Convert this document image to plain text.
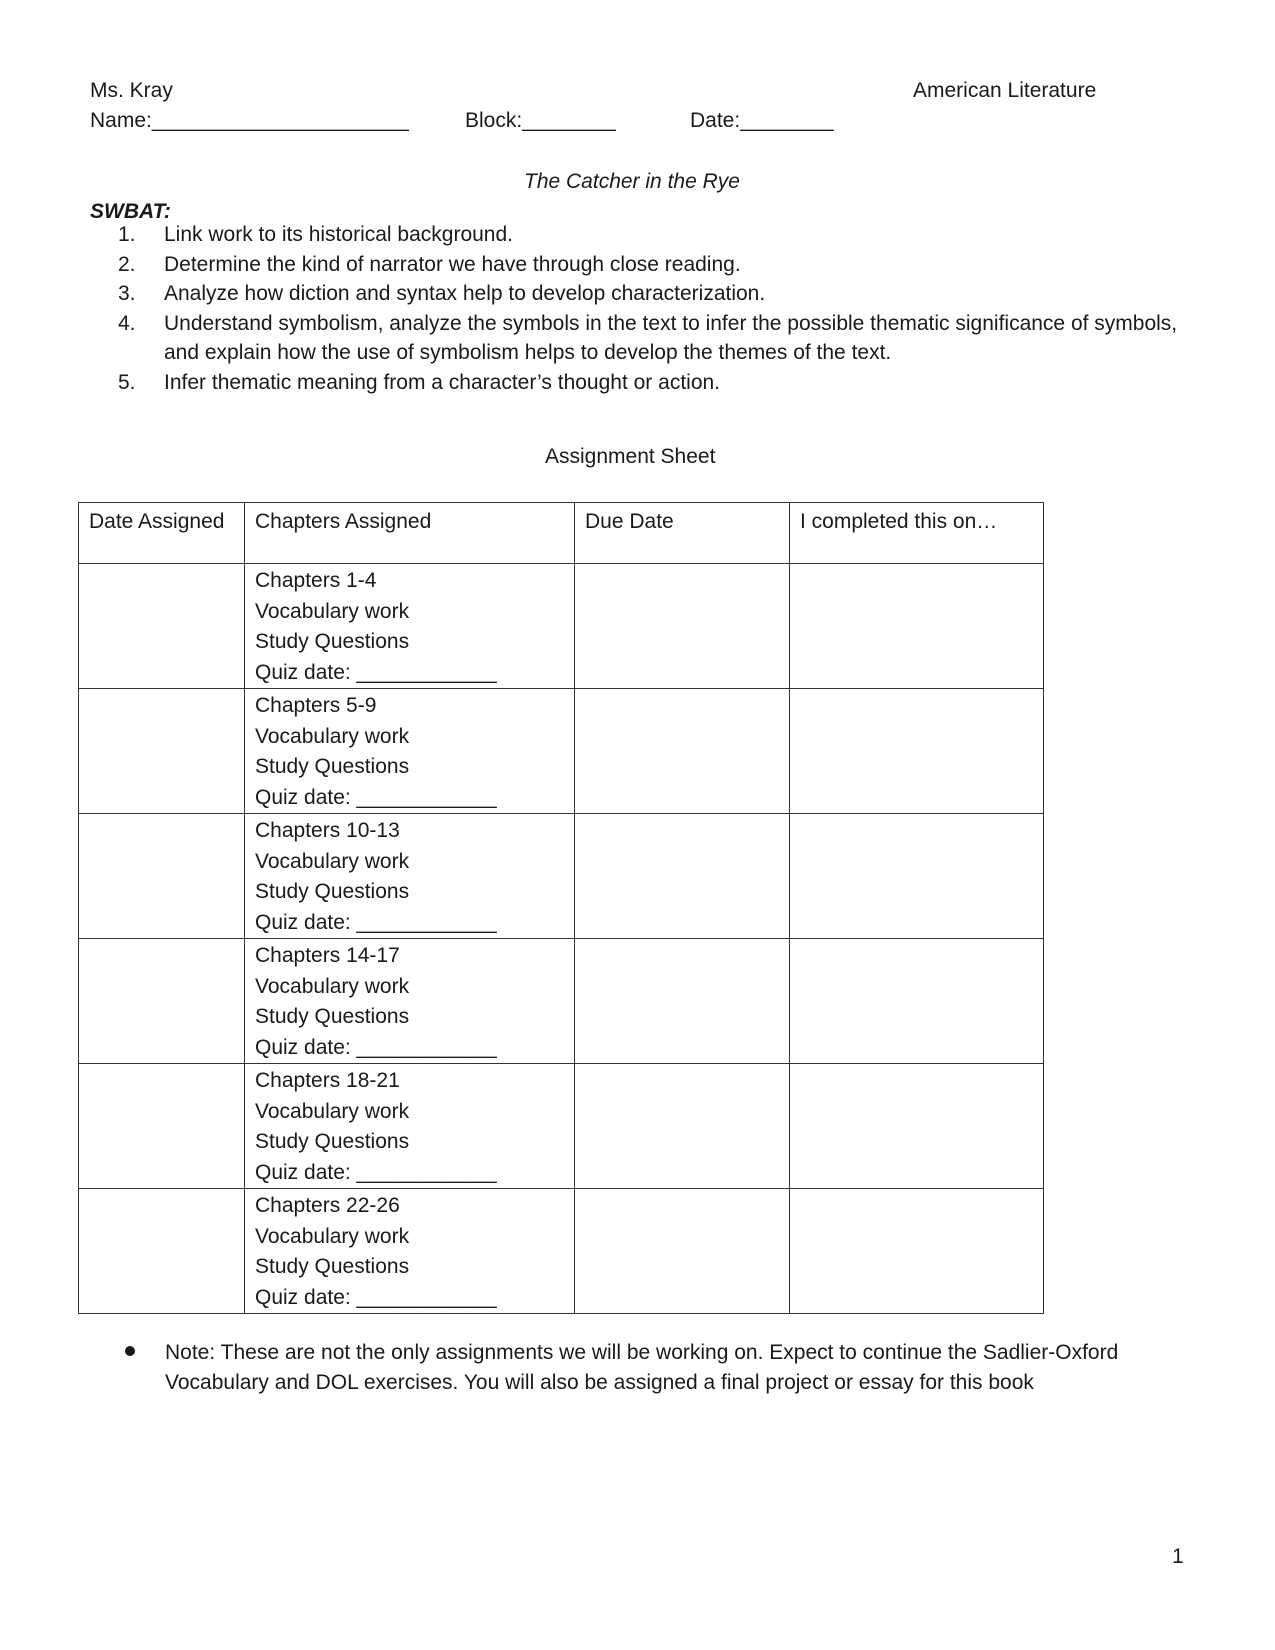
Ms. Kray	American Literature
Name:______________________	Block:________	Date:________
The Catcher in the Rye
SWBAT:
1. Link work to its historical background.
2. Determine the kind of narrator we have through close reading.
3. Analyze how diction and syntax help to develop characterization.
4. Understand symbolism, analyze the symbols in the text to infer the possible thematic significance of symbols, and explain how the use of symbolism helps to develop the themes of the text.
5. Infer thematic meaning from a character’s thought or action.
Assignment Sheet
Date Assigned	Chapters Assigned	Due Date	I completed this on…

	Chapters 1-4
Vocabulary work
Study Questions
Quiz date: ____________		

	Chapters 5-9
Vocabulary work
Study Questions
Quiz date: ____________		

	Chapters 10-13
Vocabulary work
Study Questions
Quiz date: ____________		

	Chapters 14-17
Vocabulary work
Study Questions
Quiz date: ____________		

	Chapters 18-21
Vocabulary work
Study Questions
Quiz date: ____________		

	Chapters 22-26
Vocabulary work
Study Questions
Quiz date: ____________		

Note: These are not the only assignments we will be working on. Expect to continue the Sadlier-Oxford Vocabulary and DOL exercises. You will also be assigned a final project or essay for this book
1
